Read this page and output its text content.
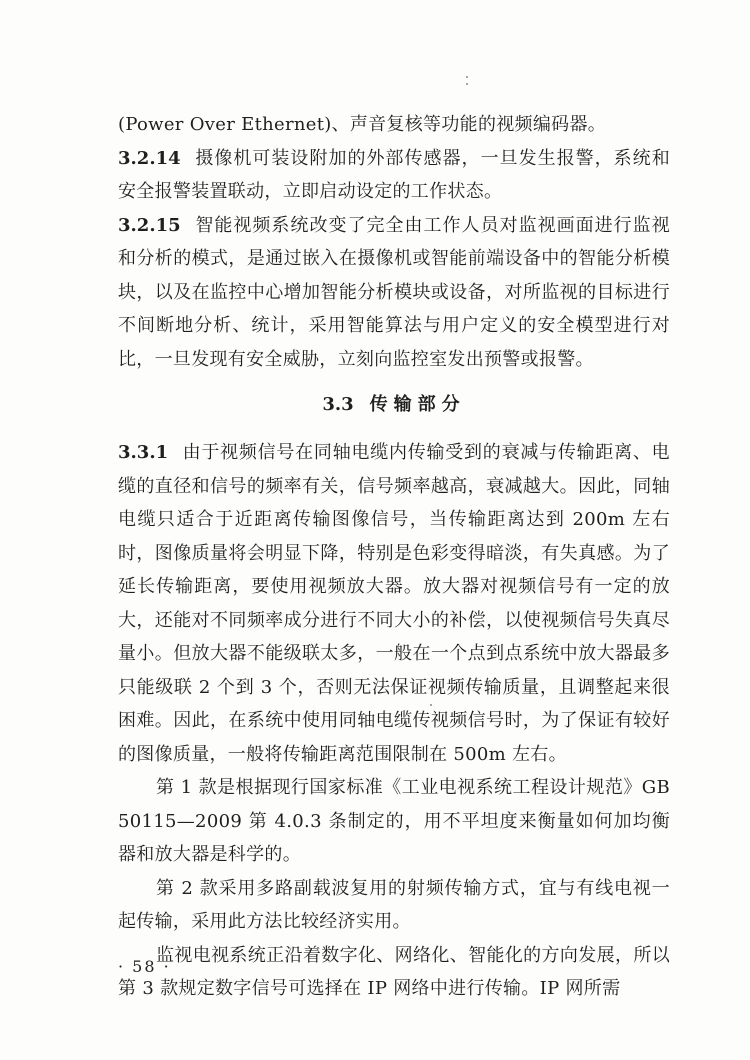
(Power Over Ethernet)、声音复核等功能的视频编码器。

3.2.14 摄像机可装设附加的外部传感器，一旦发生报警，系统和安全报警装置联动，立即启动设定的工作状态。

3.2.15 智能视频系统改变了完全由工作人员对监视画面进行监视和分析的模式，是通过嵌入在摄像机或智能前端设备中的智能分析模块，以及在监控中心增加智能分析模块或设备，对所监视的目标进行不间断地分析、统计，采用智能算法与用户定义的安全模型进行对比，一旦发现有安全威胁，立刻向监控室发出预警或报警。

3.3 传输部分

3.3.1 由于视频信号在同轴电缆内传输受到的衰减与传输距离、电缆的直径和信号的频率有关，信号频率越高，衰减越大。因此，同轴电缆只适合于近距离传输图像信号，当传输距离达到 200m 左右时，图像质量将会明显下降，特别是色彩变得暗淡，有失真感。为了延长传输距离，要使用视频放大器。放大器对视频信号有一定的放大，还能对不同频率成分进行不同大小的补偿，以使视频信号失真尽量小。但放大器不能级联太多，一般在一个点到点系统中放大器最多只能级联 2 个到 3 个，否则无法保证视频传输质量，且调整起来很困难。因此，在系统中使用同轴电缆传视频信号时，为了保证有较好的图像质量，一般将传输距离范围限制在 500m 左右。

第 1 款是根据现行国家标准《工业电视系统工程设计规范》GB 50115—2009 第 4.0.3 条制定的，用不平坦度来衡量如何加均衡器和放大器是科学的。

第 2 款采用多路副载波复用的射频传输方式，宜与有线电视一起传输，采用此方法比较经济实用。

监视电视系统正沿着数字化、网络化、智能化的方向发展，所以第 3 款规定数字信号可选择在 IP 网络中进行传输。IP 网所需

· 58 ·
